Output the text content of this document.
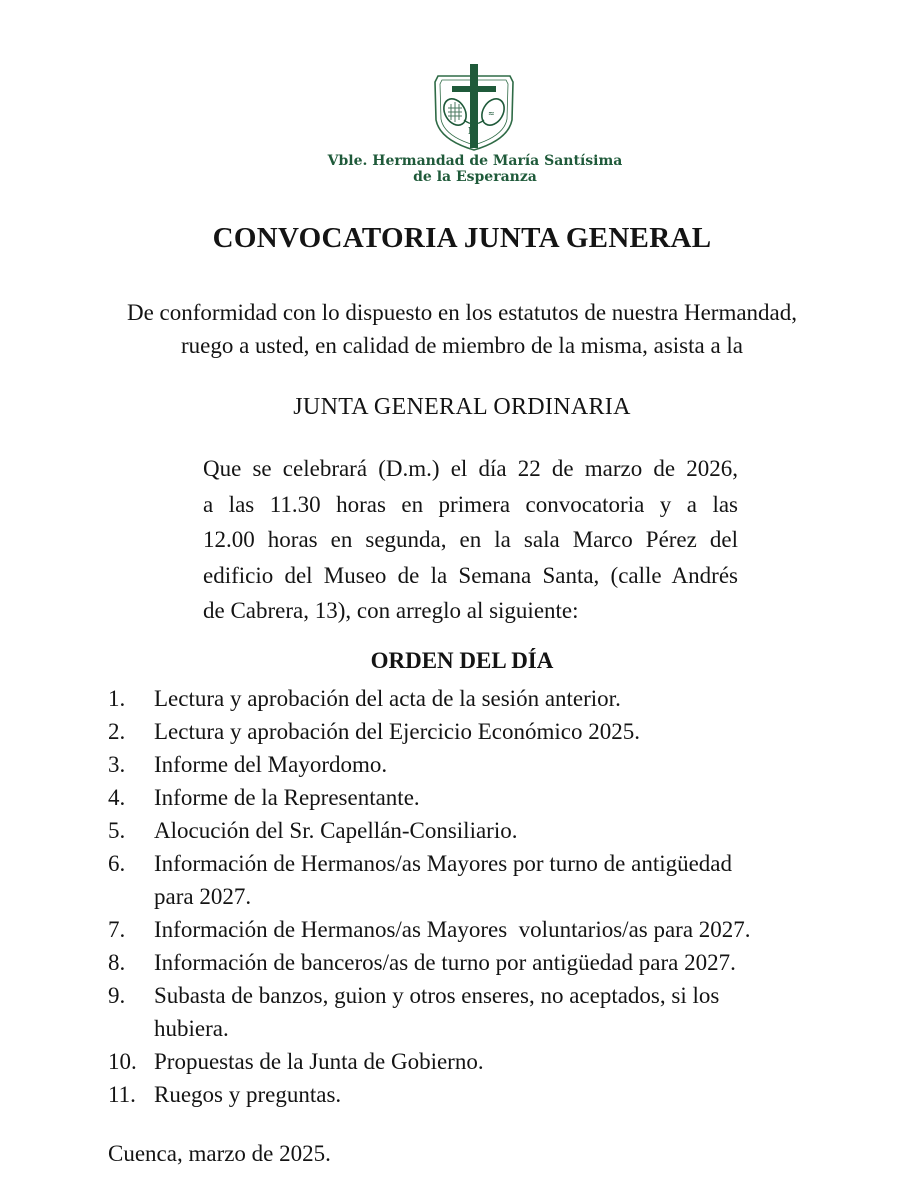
≈
M
Vble. Hermandad de María Santísima
de la Esperanza
CONVOCATORIA JUNTA GENERAL
De conformidad con lo dispuesto en los estatutos de nuestra Hermandad,
ruego a usted, en calidad de miembro de la misma, asista a la
JUNTA GENERAL ORDINARIA
Que se celebrará (D.m.) el día 22 de marzo de 2026,
a las 11.30 horas en primera convocatoria y a las
12.00 horas en segunda, en la sala Marco Pérez del
edificio del Museo de la Semana Santa, (calle Andrés
de Cabrera, 13), con arreglo al siguiente:
ORDEN DEL DÍA
1.	Lectura y aprobación del acta de la sesión anterior.
2.	Lectura y aprobación del Ejercicio Económico 2025.
3.	Informe del Mayordomo.
4.	Informe de la Representante.
5.	Alocución del Sr. Capellán-Consiliario.
6.	Información de Hermanos/as Mayores por turno de antigüedad
para 2027.
7.	Información de Hermanos/as Mayores  voluntarios/as para 2027.
8.	Información de banceros/as de turno por antigüedad para 2027.
9.	Subasta de banzos, guion y otros enseres, no aceptados, si los
hubiera.
10. Propuestas de la Junta de Gobierno.
11. Ruegos y preguntas.
Cuenca, marzo de 2025.
